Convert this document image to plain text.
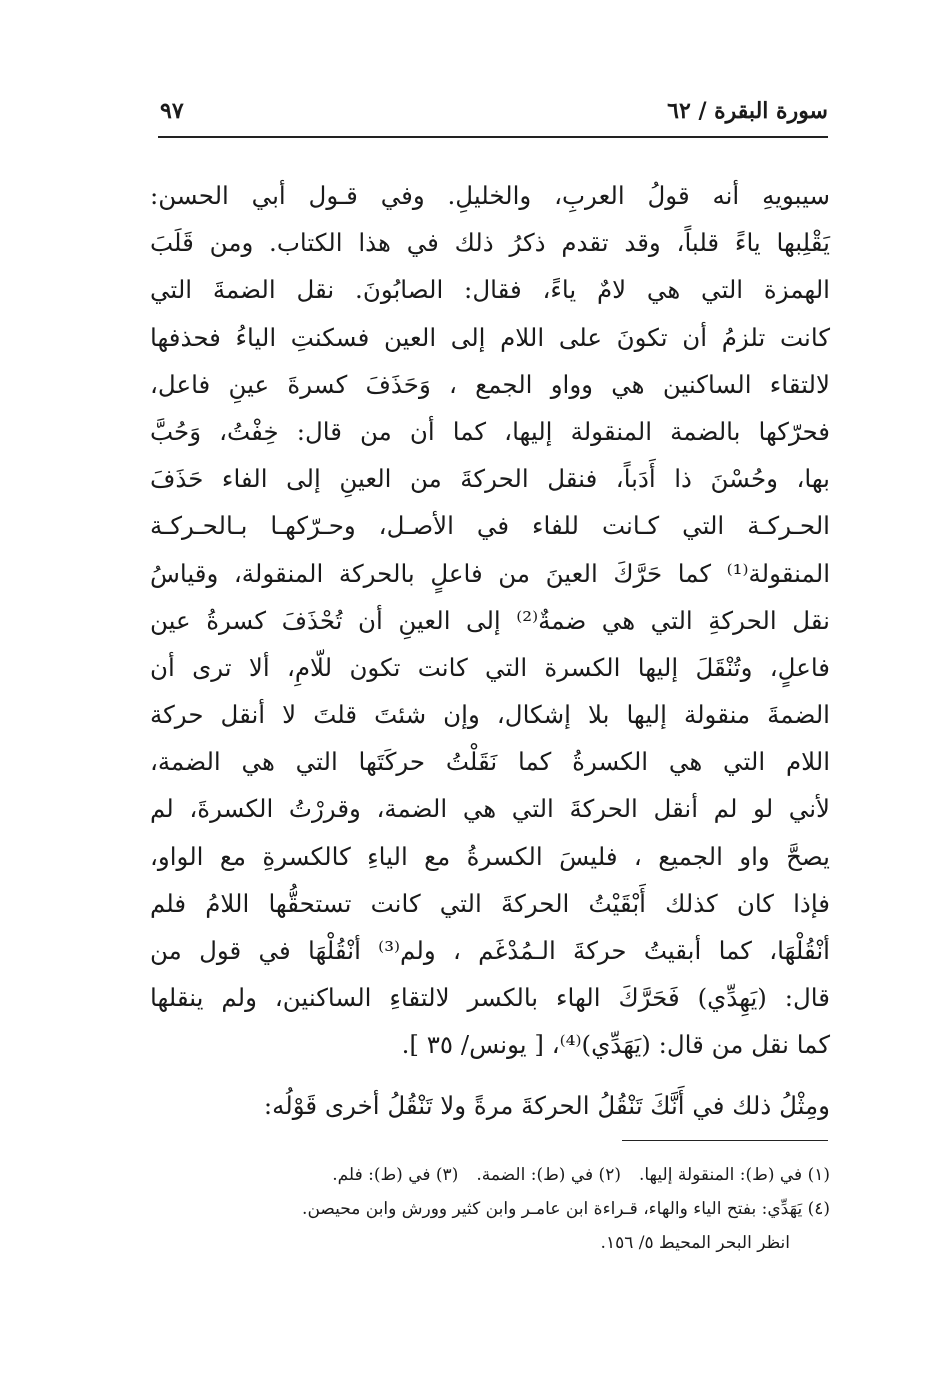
سورة البقرة / ٦٢
٩٧
سيبويهِ أنه قولُ العربِ، والخليلِ. وفي قـول أبي الحسن:
يَقْلِبها ياءً قلباً، وقد تقدم ذكرُ ذلك في هذا الكتاب. ومن قَلَبَ
الهمزة التي هي لامٌ ياءً، فقال: الصابُونَ. نقل الضمةَ التي
كانت تلزمُ أن تكونَ على اللام إلى العين فسكنتِ الياءُ فحذفها
لالتقاء الساكنين هي وواو الجمع ، وَحَذَفَ كسرةَ عينِ فاعل،
فحرّكها بالضمة المنقولة إليها، كما أن من قال: خِفْتُ، وَحُبَّ
بها، وحُسْنَ ذا أَدَباً، فنقل الحركةَ من العينِ إلى الفاء حَذَفَ
الحـركـة التي كـانت للفاء في الأصـل، وحـرّكهـا بـالحـركـة
المنقولة⁽¹⁾ كما حَرَّكَ العينَ من فاعلٍ بالحركة المنقولة، وقياسُ
نقل الحركةِ التي هي ضمةٌ⁽²⁾ إلى العينِ أن تُحْذَفَ كسرةُ عين
فاعلٍ، وتُنْقَلَ إليها الكسرة التي كانت تكون للّامِ، ألا ترى أن
الضمةَ منقولة إليها بلا إشكال، وإن شئتَ قلتَ لا أنقل حركة
اللام التي هي الكسرةُ كما نَقَلْتُ حركَتَها التي هي الضمة،
لأني لو لم أنقل الحركةَ التي هي الضمة، وقررْتُ الكسرةَ، لم
يصحَّ واو الجميع ، فليسَ الكسرةُ مع الياءِ كالكسرةِ مع الواو،
فإذا كان كذلك أَبْقَيْتُ الحركةَ التي كانت تستحقُّها اللامُ فلم
أنْقُلْهَا، كما أبقيتُ حركةَ الـمُدْغَم ، ولم⁽³⁾ أنْقُلْهَا في قول من
قال: (يَهِدِّي) فَحَرَّكَ الهاء بالكسر لالتقاءِ الساكنين، ولم ينقلها
كما نقل من قال: (يَهَدِّي)⁽⁴⁾، [ يونس/ ٣٥ ].
ومِثْلُ ذلك في أَنَّكَ تَنْقُلُ الحركةَ مرةً ولا تَنْقُلُ أخرى قَوْلُه:
(١) في (ط): المنقولة إليها.(٢) في (ط): الضمة.(٣) في (ط): فلم.
(٤) يَهَدِّي: بفتح الياء والهاء، قـراءة ابن عامـر وابن كثير وورش وابن محيصن.
انظر البحر المحيط ٥/ ١٥٦.
